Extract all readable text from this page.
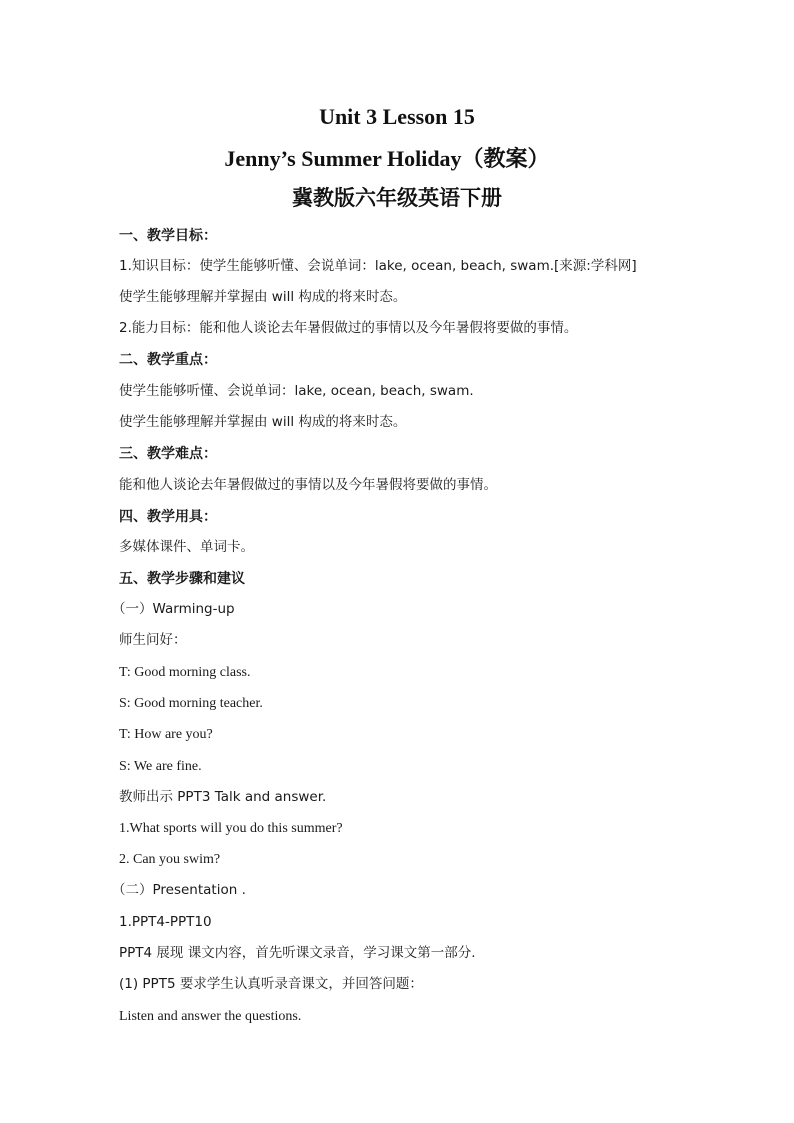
Unit 3 Lesson 15
Jenny’s Summer Holiday（教案）
冀教版六年级英语下册
一、教学目标：
1.知识目标：使学生能够听懂、会说单词：lake, ocean, beach, swam.[来源:学科网]
使学生能够理解并掌握由 will 构成的将来时态。
2.能力目标：能和他人谈论去年暑假做过的事情以及今年暑假将要做的事情。
二、教学重点：
使学生能够听懂、会说单词：lake, ocean, beach, swam.
使学生能够理解并掌握由 will 构成的将来时态。
三、教学难点：
能和他人谈论去年暑假做过的事情以及今年暑假将要做的事情。
四、教学用具：
多媒体课件、单词卡。
五、教学步骤和建议
（一）Warming-up
师生问好：
T: Good morning class.
S: Good morning teacher.
T: How are you?
S: We are fine.
教师出示 PPT3 Talk and answer.
1.What sports will you do this summer?
2. Can you swim?
（二）Presentation .
1.PPT4-PPT10
PPT4 展现 课文内容，首先听课文录音，学习课文第一部分.
(1) PPT5 要求学生认真听录音课文，并回答问题：
Listen and answer the questions.
